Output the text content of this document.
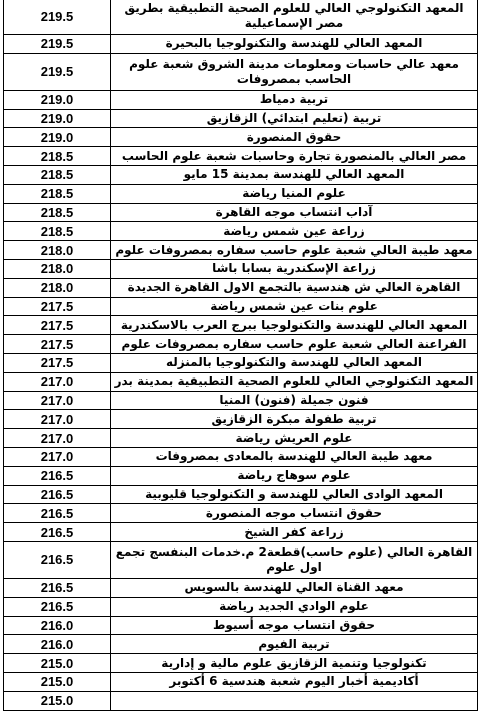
المعهد التكنولوجي العالي للعلوم الصحية التطبيقية بطريق مصر الإسماعيلية	219.5
المعهد العالي للهندسة والتكنولوجيا بالبحيرة	219.5
معهد عالي حاسبات ومعلومات مدينة الشروق شعبة علوم الحاسب بمصروفات	219.5
تربية دمياط	219.0
تربية (تعليم ابتدائي) الزقازيق	219.0
حقوق المنصورة	219.0
مصر العالي بالمنصورة تجارة وحاسبات شعبة علوم الحاسب	218.5
المعهد العالي للهندسة بمدينة 15 مايو	218.5
علوم المنيا رياضة	218.5
آداب انتساب موجه القاهرة	218.5
زراعة عين شمس رياضة	218.5
معهد طيبة العالي شعبة علوم حاسب سفاره بمصروفات علوم	218.0
زراعة الإسكندرية بسابا باشا	218.0
القاهرة العالي ش هندسية بالتجمع الاول القاهرة الجديدة	218.0
علوم بنات عين شمس رياضة	217.5
المعهد العالي للهندسة والتكنولوجيا ببرج العرب بالاسكندرية	217.5
الفراعنة العالي شعبة علوم حاسب سفاره بمصروفات علوم	217.5
المعهد العالي للهندسة والتكنولوجيا بالمنزله	217.5
المعهد التكنولوجي العالي للعلوم الصحية التطبيقية بمدينة بدر	217.0
فنون جميلة (فنون) المنيا	217.0
تربية طفولة مبكرة الزقازيق	217.0
علوم العريش رياضة	217.0
معهد طيبة العالي للهندسة بالمعادى بمصروفات	217.0
علوم سوهاج رياضة	216.5
المعهد الوادى العالي للهندسة و التكنولوجيا قليوبية	216.5
حقوق انتساب موجه المنصورة	216.5
زراعة كفر الشيخ	216.5
القاهرة العالي (علوم حاسب)قطعة2 م.خدمات البنفسج تجمع اول علوم	216.5
معهد القناة العالي للهندسة بالسويس	216.5
علوم الوادي الجديد رياضة	216.5
حقوق انتساب موجه أسيوط	216.0
تربية الفيوم	216.0
تكنولوجيا وتنمية الزقازيق علوم مالية و إدارية	215.0
أكاديمية أخبار اليوم شعبة هندسية 6 أكتوبر	215.0
	215.0
